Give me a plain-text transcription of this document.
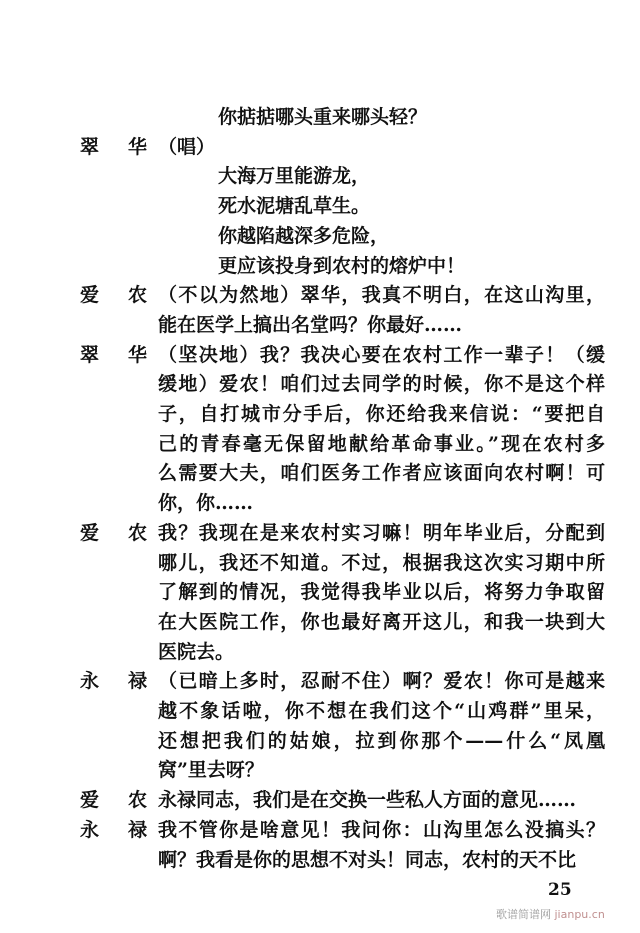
你掂掂哪头重来哪头轻？
翠 华 （唱）
大海万里能游龙，
死水泥塘乱草生。
你越陷越深多危险，
更应该投身到农村的熔炉中！
爱 农 （不以为然地）翠华，我真不明白，在这山沟里，
能在医学上搞出名堂吗？你最好……
翠 华 （坚决地）我？我决心要在农村工作一辈子！（缓
缓地）爱农！咱们过去同学的时候，你不是这个样
子，自打城市分手后，你还给我来信说：“要把自
己的青春毫无保留地献给革命事业。”现在农村多
么需要大夫，咱们医务工作者应该面向农村啊！可
你，你……
爱 农 我？我现在是来农村实习嘛！明年毕业后，分配到
哪儿，我还不知道。不过，根据我这次实习期中所
了解到的情况，我觉得我毕业以后，将努力争取留
在大医院工作，你也最好离开这儿，和我一块到大
医院去。
永 禄 （已暗上多时，忍耐不住）啊？爱农！你可是越来
越不象话啦，你不想在我们这个“山鸡群”里呆，
还想把我们的姑娘，拉到你那个——什么“凤凰
窝”里去呀？
爱 农 永禄同志，我们是在交换一些私人方面的意见……
永 禄 我不管你是啥意见！我问你：山沟里怎么没搞头？
啊？我看是你的思想不对头！同志，农村的天不比
25
歌谱简谱网 jianpu.cn
